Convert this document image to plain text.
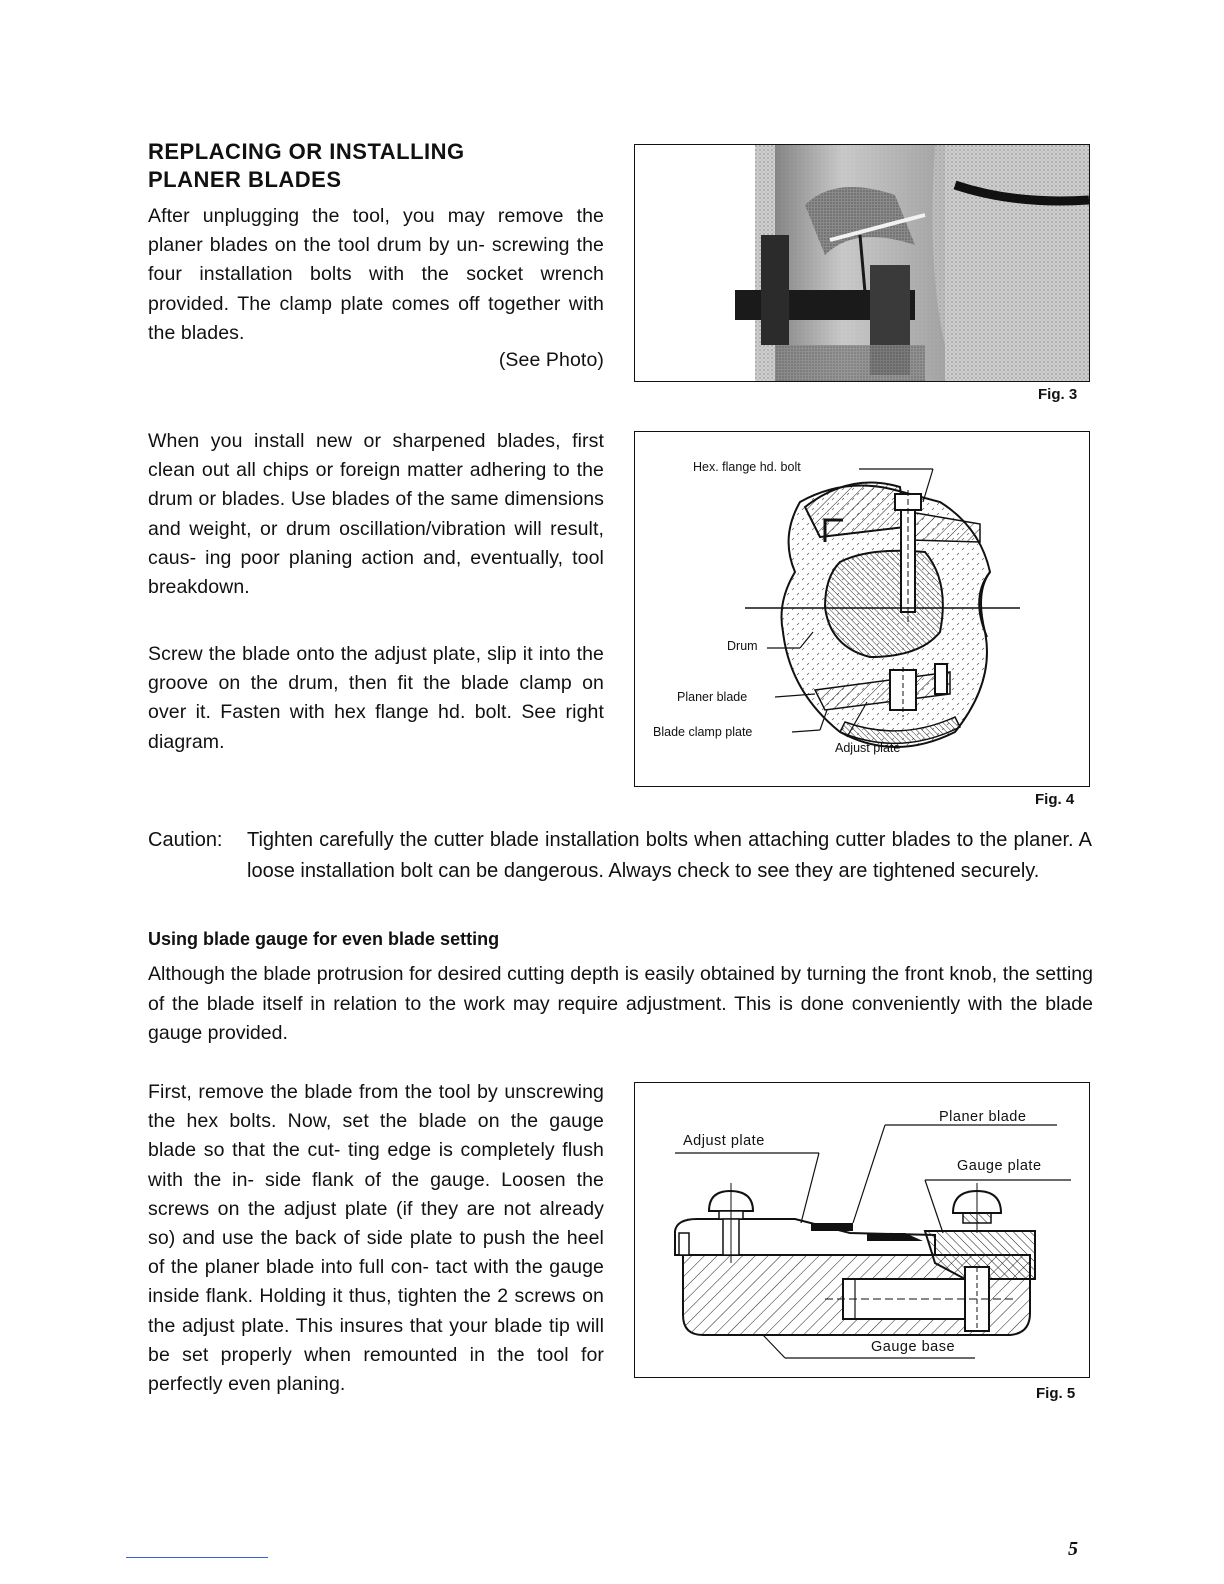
REPLACING OR INSTALLING
PLANER BLADES
After unplugging the tool, you may remove the planer blades on the tool drum by un- screwing the four installation bolts with the socket wrench provided. The clamp plate comes off together with the blades.
(See Photo)
Fig. 3
When you install new or sharpened blades, first clean out all chips or foreign matter adhering to the drum or blades. Use blades of the same dimensions and weight, or drum oscillation/vibration will result, caus- ing poor planing action and, eventually, tool breakdown.
Screw the blade onto the adjust plate, slip it into the groove on the drum, then fit the blade clamp on over it. Fasten with hex flange hd. bolt. See right diagram.
Hex. flange hd. bolt
Drum
Planer blade
Blade clamp plate
Adjust plate
Fig. 4
Caution: Tighten carefully the cutter blade installation bolts when attaching cutter blades to the planer. A loose installation bolt can be dangerous. Always check to see they are tightened securely.
Using blade gauge for even blade setting
Although the blade protrusion for desired cutting depth is easily obtained by turning the front knob, the setting of the blade itself in relation to the work may require adjustment. This is done conveniently with the blade gauge provided.
First, remove the blade from the tool by unscrewing the hex bolts. Now, set the blade on the gauge blade so that the cut- ting edge is completely flush with the in- side flank of the gauge. Loosen the screws on the adjust plate (if they are not already so) and use the back of side plate to push the heel of the planer blade into full con- tact with the gauge inside flank. Holding it thus, tighten the 2 screws on the adjust plate. This insures that your blade tip will be set properly when remounted in the tool for perfectly even planing.
Planer blade
Adjust plate
Gauge plate
Gauge base
Fig. 5
5
